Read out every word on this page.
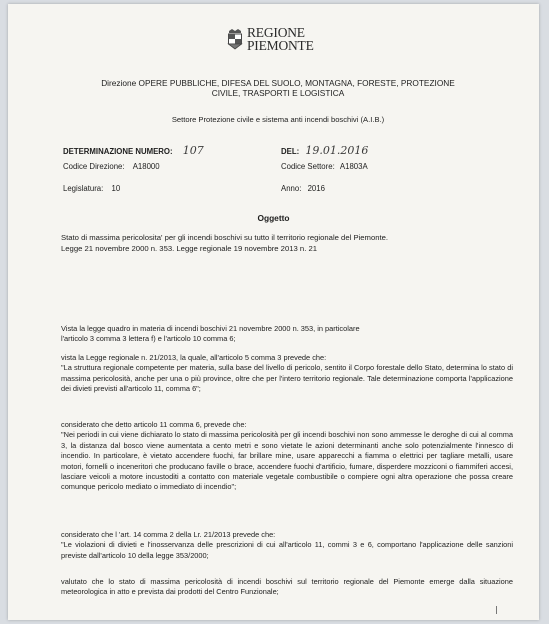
REGIONE
PIEMONTE
Direzione OPERE PUBBLICHE, DIFESA DEL SUOLO, MONTAGNA, FORESTE, PROTEZIONE
CIVILE, TRASPORTI E LOGISTICA
Settore Protezione civile e sistema anti incendi boschivi (A.I.B.)
DETERMINAZIONE NUMERO: 107	DEL: 19.01.2016
Codice Direzione: A18000	Codice Settore: A1803A
Legislatura: 10	Anno: 2016
Oggetto
Stato di massima pericolosita' per gli incendi boschivi su tutto il territorio regionale del Piemonte.
Legge 21 novembre 2000 n. 353. Legge regionale 19 novembre 2013 n. 21

Vista la legge quadro in materia di incendi boschivi 21 novembre 2000 n. 353, in particolare

l'articolo 3 comma 3 lettera f) e l'articolo 10 comma 6;

vista la Legge regionale n. 21/2013, la quale, all'articolo 5 comma 3 prevede che:

"La struttura regionale competente per materia, sulla base del livello di pericolo, sentito il Corpo forestale dello Stato, determina lo stato di massima pericolosità, anche per una o più province, oltre che per l'intero territorio regionale. Tale determinazione comporta l'applicazione dei divieti previsti all'articolo 11, comma 6";

considerato che detto articolo 11 comma 6, prevede che:

"Nei periodi in cui viene dichiarato lo stato di massima pericolosità per gli incendi boschivi non sono ammesse le deroghe di cui al comma 3, la distanza dal bosco viene aumentata a cento metri e sono vietate le azioni determinanti anche solo potenzialmente l'innesco di incendio. In particolare, è vietato accendere fuochi, far brillare mine, usare apparecchi a fiamma o elettrici per tagliare metalli, usare motori, fornelli o inceneritori che producano faville o brace, accendere fuochi d'artificio, fumare, disperdere mozziconi o fiammiferi accesi, lasciare veicoli a motore incustoditi a contatto con materiale vegetale combustibile o compiere ogni altra operazione che possa creare comunque pericolo mediato o immediato di incendio";

considerato che l 'art. 14 comma 2 della Lr. 21/2013 prevede che:

"Le violazioni di divieti e l'inosservanza delle prescrizioni di cui all'articolo 11, commi 3 e 6, comportano l'applicazione delle sanzioni previste dall'articolo 10 della legge 353/2000;

valutato che lo stato di massima pericolosità di incendi boschivi sul territorio regionale del Piemonte emerge dalla situazione meteorologica in atto e prevista dai prodotti del Centro Funzionale;
